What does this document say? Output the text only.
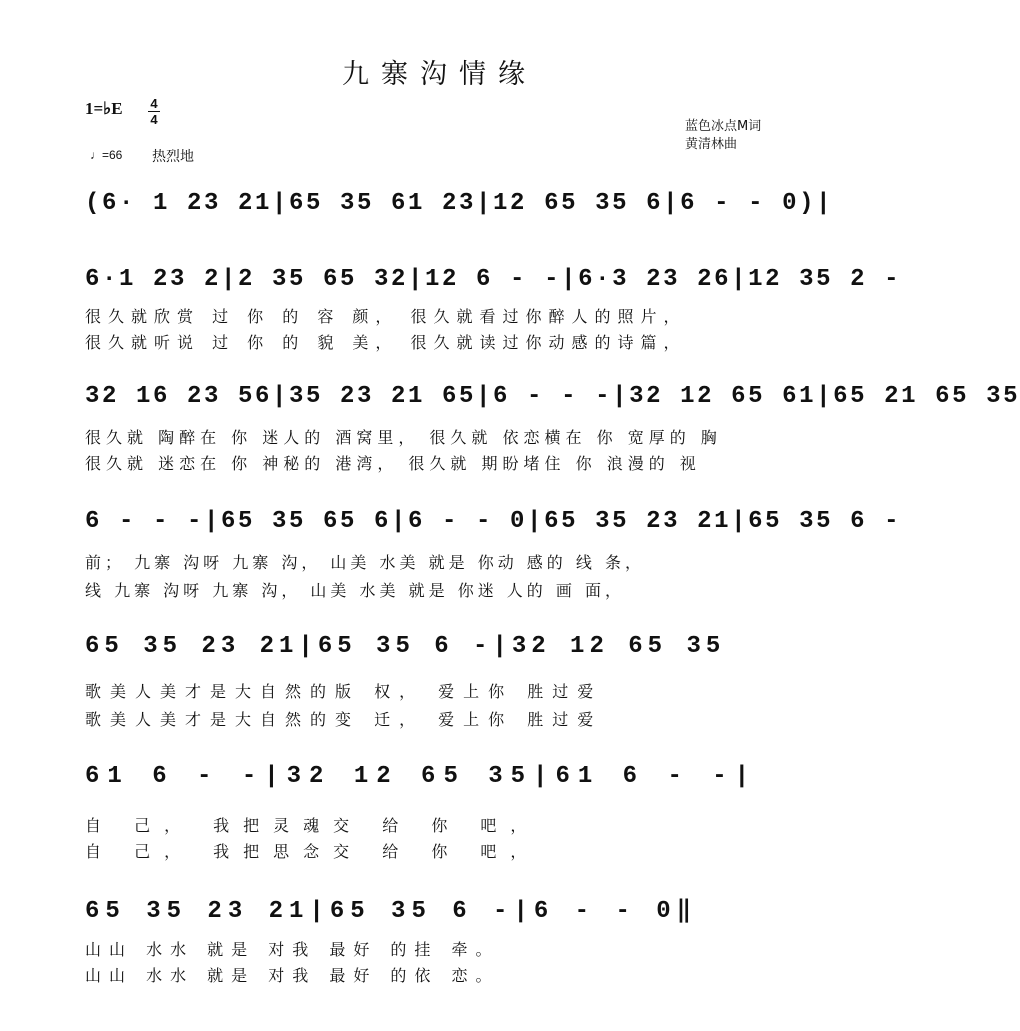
九寨沟情缘
1=♭E 4
4
♩=66 热烈地
蓝色冰点M词
黄清林曲
(6· 1 23 21|65 35 61 23|12 65 35 6|6 - - 0)|
6·1 23 2|2 35 65 32|12 6 - -|6·3 23 26|12 35 2 -
很久就欣赏 过 你 的 容 颜， 很久就看过你醉人的照片，
很久就听说 过 你 的 貌 美， 很久就读过你动感的诗篇，
32 16 23 56|35 23 21 65|6 - - -|32 12 65 61|65 21 65 35
很久就 陶醉在 你 迷人的 酒窝里， 很久就 依恋横在 你 宽厚的 胸
很久就 迷恋在 你 神秘的 港湾， 很久就 期盼堵住 你 浪漫的 视
6 - - -|65 35 65 6|6 - - 0|65 35 23 21|65 35 6 -
前； 九寨 沟呀 九寨 沟， 山美 水美 就是 你动 感的 线 条，
线 九寨 沟呀 九寨 沟， 山美 水美 就是 你迷 人的 画 面，
65 35 23 21|65 35 6 -|32 12 65 35
歌美人美才是大自然的版 权， 爱上你 胜过爱
歌美人美才是大自然的变 迁， 爱上你 胜过爱
61 6 - -|32 12 65 35|61 6 - -|
自 己， 我把灵魂交 给 你 吧，
自 己， 我把思念交 给 你 吧，
65 35 23 21|65 35 6 -|6 - - 0‖
山山 水水 就是 对我 最好 的挂 牵。
山山 水水 就是 对我 最好 的依 恋。
